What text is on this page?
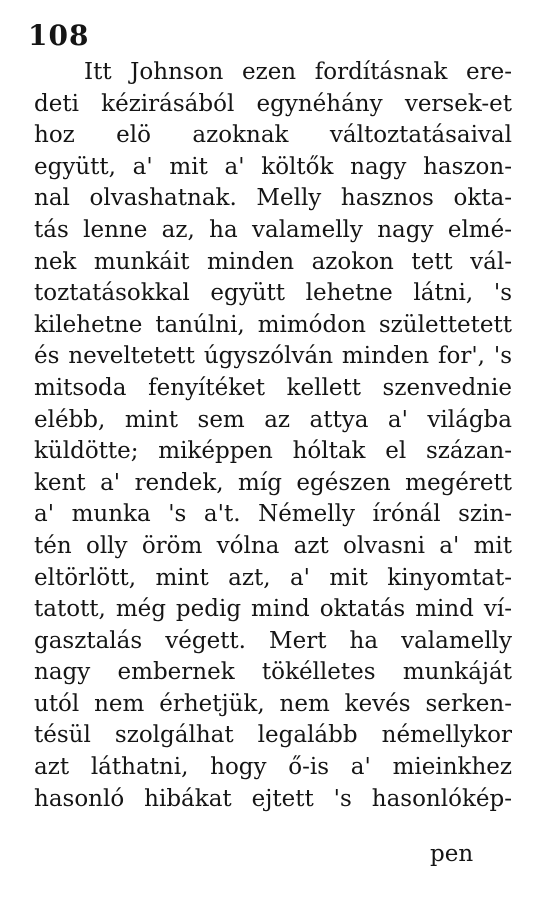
108
Itt Johnson ezen fordításnak ere-
deti kézirásából egynéhány versek-et
hoz elö azoknak változtatásaival
együtt, a' mit a' költők nagy haszon-
nal olvashatnak. Melly hasznos okta-
tás lenne az, ha valamelly nagy elmé-
nek munkáit minden azokon tett vál-
toztatásokkal együtt lehetne látni, 's
kilehetne tanúlni, mimódon születtetett
és neveltetett úgyszólván minden for', 's
mitsoda fenyítéket kellett szenvednie
elébb, mint sem az attya a' világba
küldötte; miképpen hóltak el százan-
kent a' rendek, míg egészen megérett
a' munka 's a't. Némelly írónál szin-
tén olly öröm vólna azt olvasni a' mit
eltörlött, mint azt, a' mit kinyomtat-
tatott, még pedig mind oktatás mind ví-
gasztalás végett. Mert ha valamelly
nagy embernek tökélletes munkáját
utól nem érhetjük, nem kevés serken-
tésül szolgálhat legalább némellykor
azt láthatni, hogy ő-is a' mieinkhez
hasonló hibákat ejtett 's hasonlókép-
pen
